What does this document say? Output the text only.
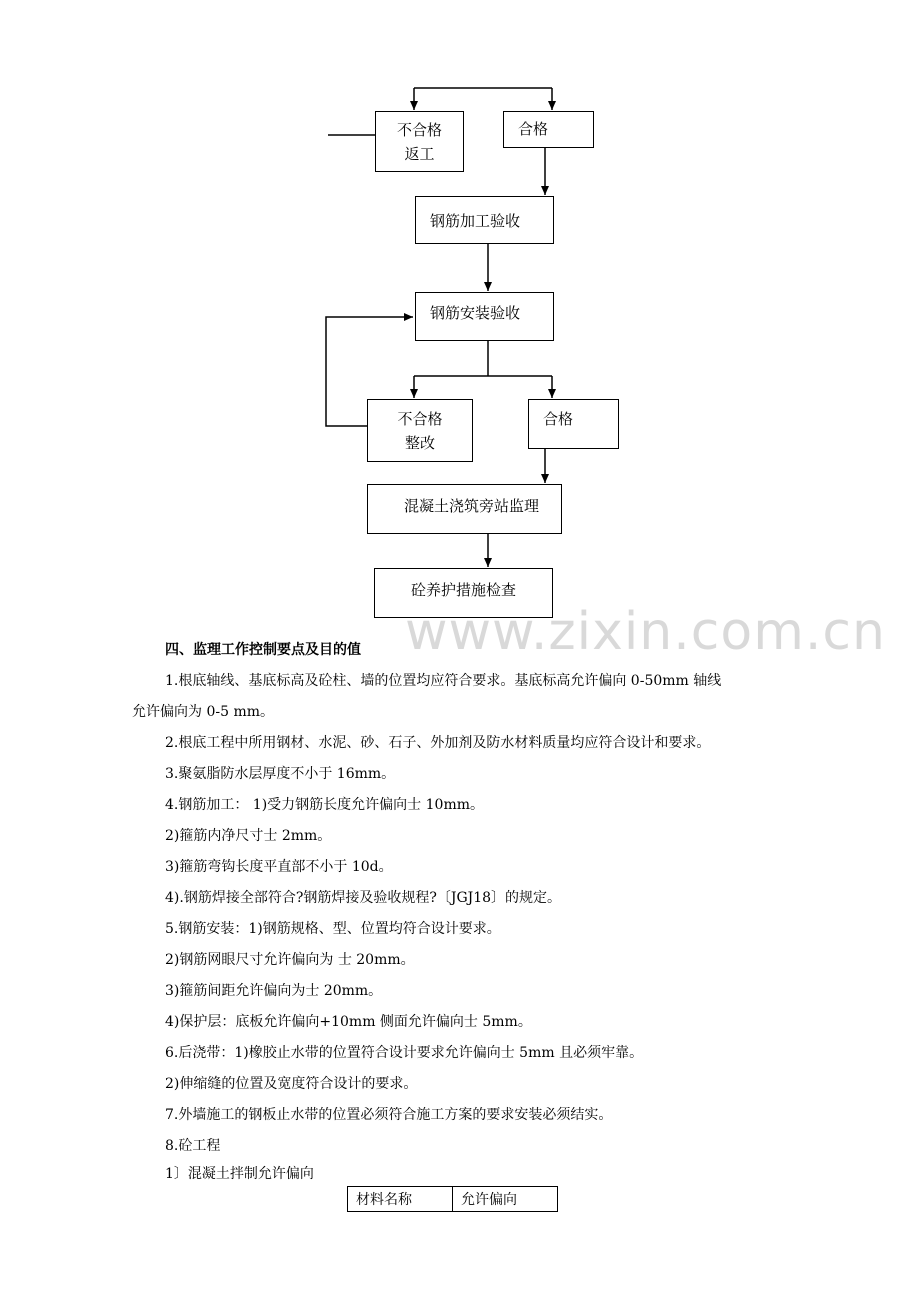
不合格
返工
合格
钢筋加工验收
钢筋安装验收
不合格
整改
合格
混凝土浇筑旁站监理
砼养护措施检查
www.zixin.com.cn
四、监理工作控制要点及目的值
1.根底轴线、基底标高及砼柱、墙的位置均应符合要求。基底标高允许偏向 0-50mm 轴线
允许偏向为 0-5 mm。
2.根底工程中所用钢材、水泥、砂、石子、外加剂及防水材料质量均应符合设计和要求。
3.聚氨脂防水层厚度不小于 16mm。
4.钢筋加工： 1)受力钢筋长度允许偏向士 10mm。
2)箍筋内净尺寸士 2mm。
3)箍筋弯钩长度平直部不小于 10d。
4).钢筋焊接全部符合?钢筋焊接及验收规程?〔JGJ18〕的规定。
5.钢筋安装：1)钢筋规格、型、位置均符合设计要求。
2)钢筋网眼尺寸允许偏向为 士 20mm。
3)箍筋间距允许偏向为士 20mm。
4)保护层：底板允许偏向+10mm 侧面允许偏向士 5mm。
6.后浇带：1)橡胶止水带的位置符合设计要求允许偏向士 5mm 且必须牢靠。
2)伸缩缝的位置及宽度符合设计的要求。
7.外墙施工的钢板止水带的位置必须符合施工方案的要求安装必须结实。
8.砼工程
1〕混凝土拌制允许偏向
材料名称	允许偏向
